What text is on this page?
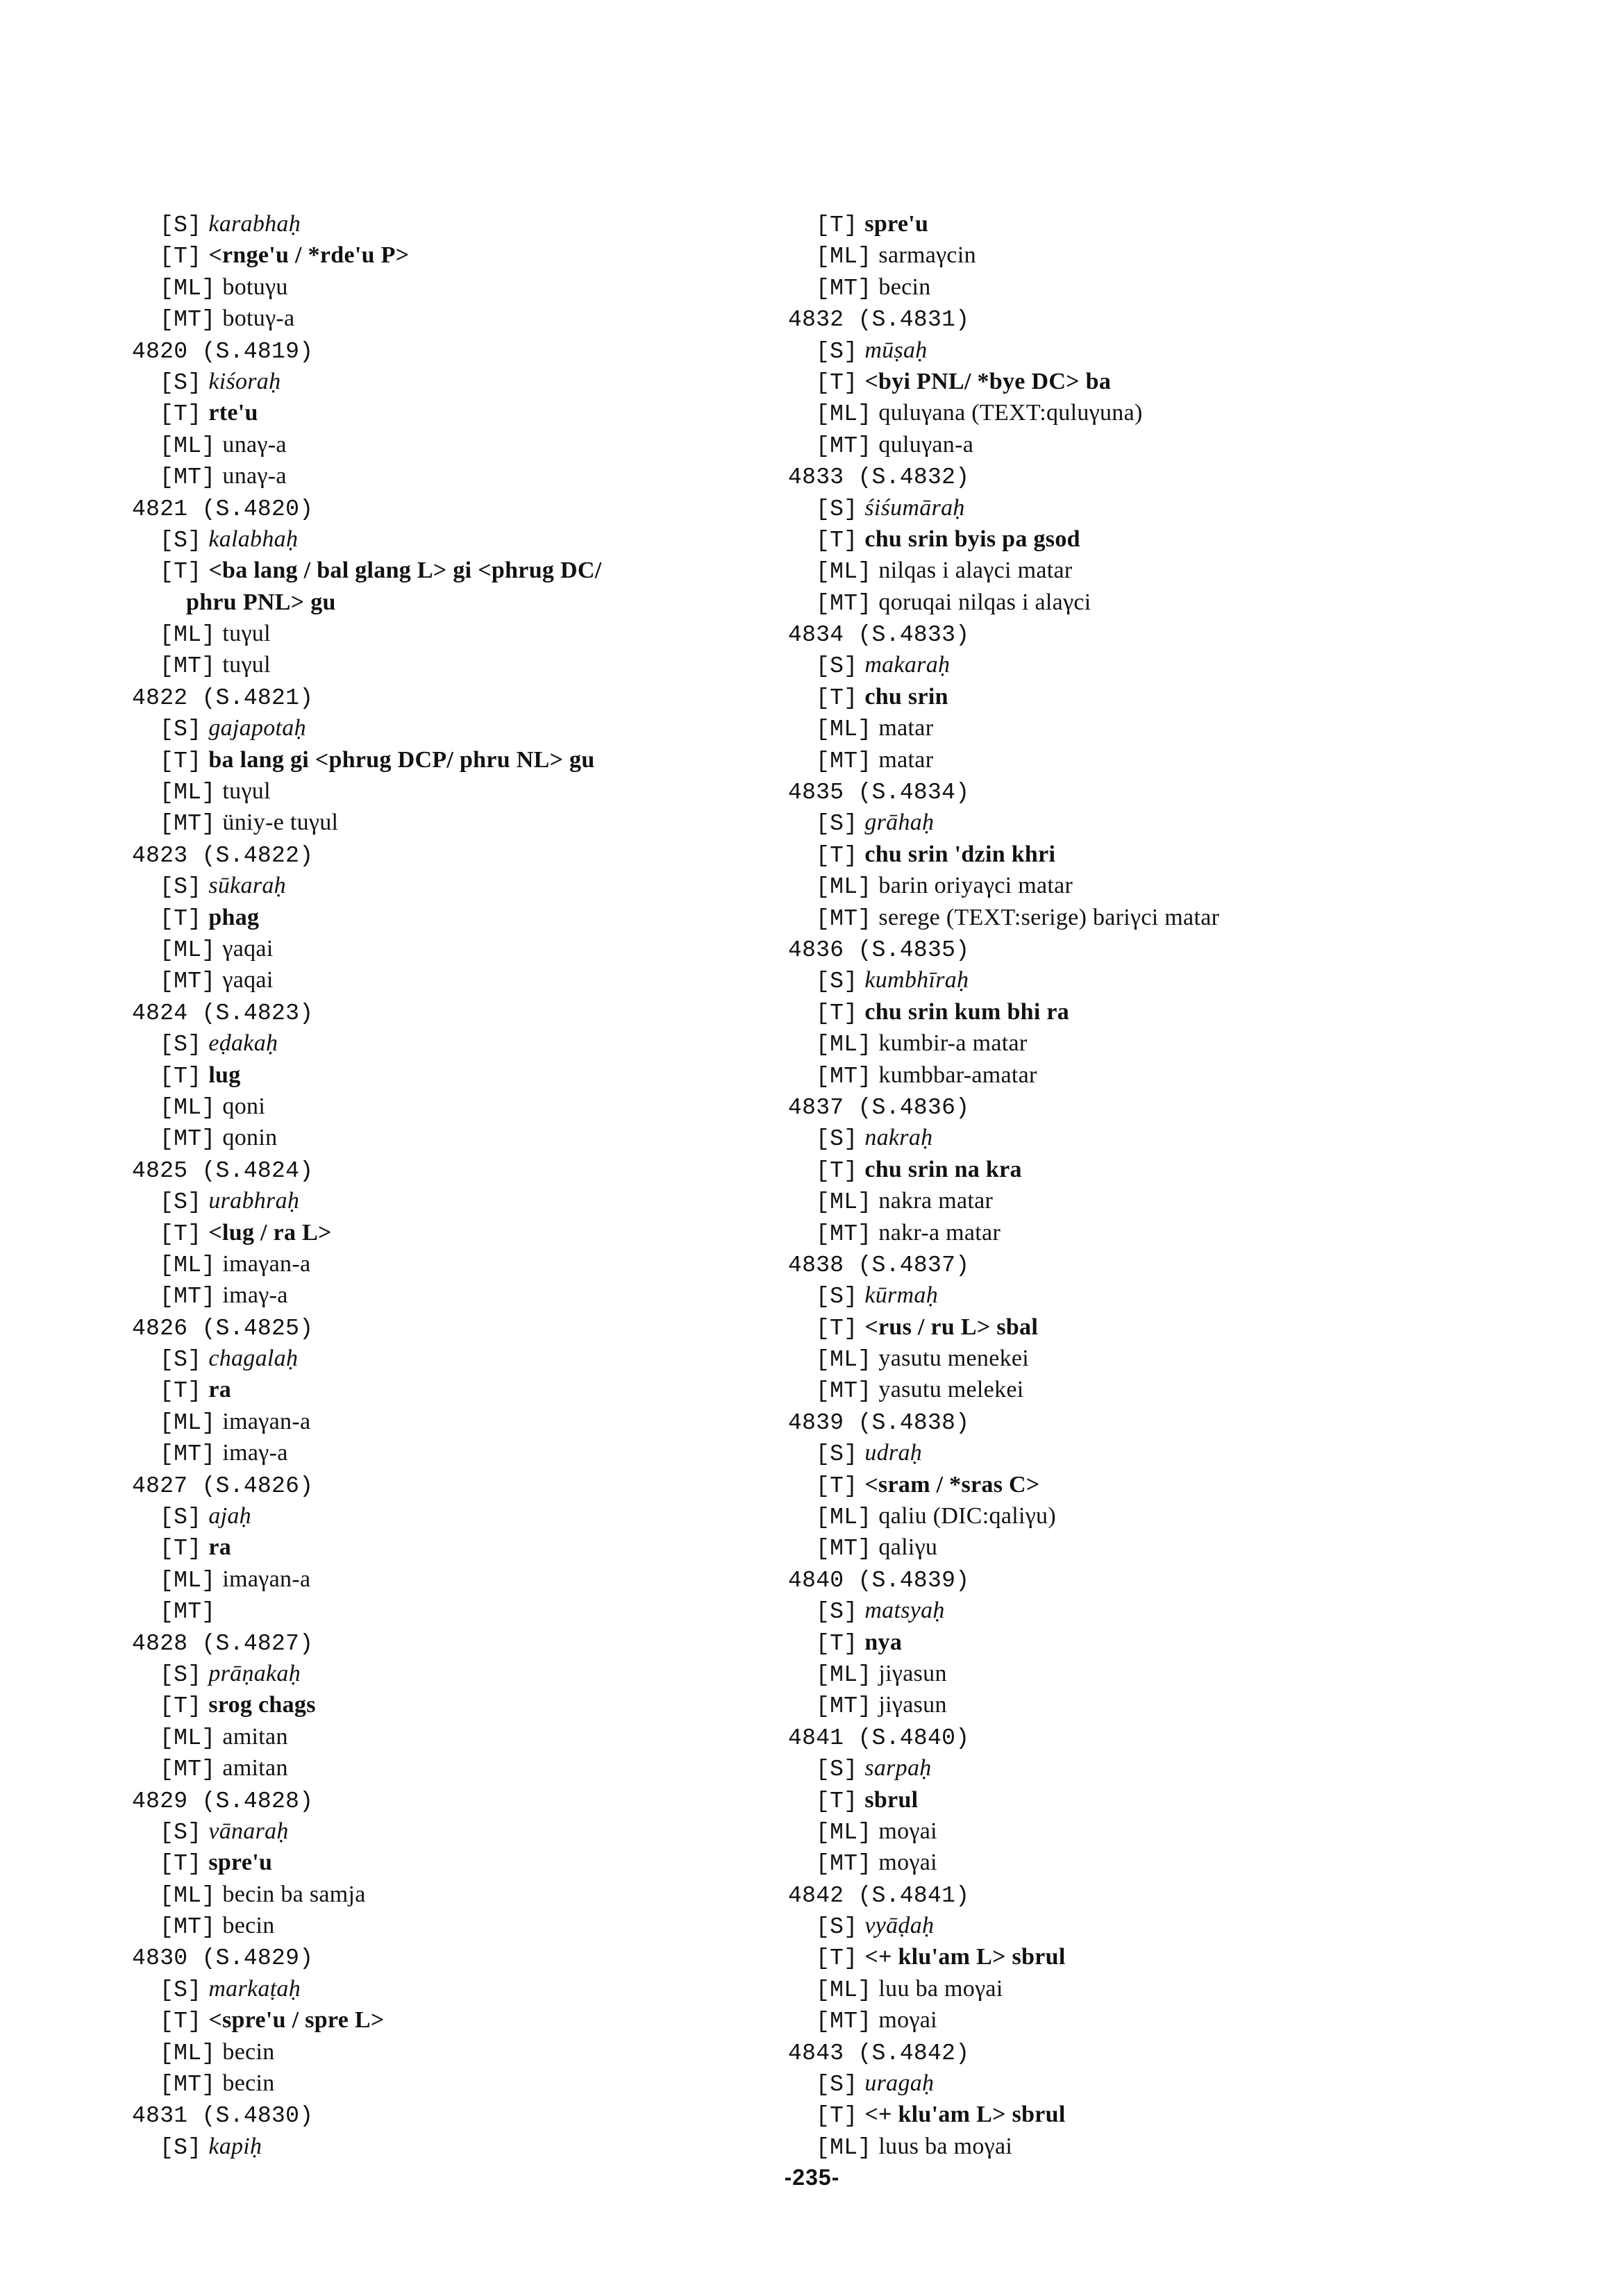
[S] karabhaḥ
[T] <rnge'u / *rde'u P>
[ML] botuγu
[MT] botuγ-a
4820 (S.4819)
[S] kiśoraḥ
[T] rte'u
[ML] unaγ-a
[MT] unaγ-a
4821 (S.4820)
[S] kalabhaḥ
[T] <ba lang / bal glang L> gi <phrug DC/
phru PNL> gu
[ML] tuγul
[MT] tuγul
4822 (S.4821)
[S] gajapotaḥ
[T] ba lang gi <phrug DCP/ phru NL> gu
[ML] tuγul
[MT] üniy-e tuγul
4823 (S.4822)
[S] sūkaraḥ
[T] phag
[ML] γaqai
[MT] γaqai
4824 (S.4823)
[S] eḍakaḥ
[T] lug
[ML] qoni
[MT] qonin
4825 (S.4824)
[S] urabhraḥ
[T] <lug / ra L>
[ML] imaγan-a
[MT] imaγ-a
4826 (S.4825)
[S] chagalaḥ
[T] ra
[ML] imaγan-a
[MT] imaγ-a
4827 (S.4826)
[S] ajaḥ
[T] ra
[ML] imaγan-a
[MT]
4828 (S.4827)
[S] prāṇakaḥ
[T] srog chags
[ML] amitan
[MT] amitan
4829 (S.4828)
[S] vānaraḥ
[T] spre'u
[ML] becin ba samja
[MT] becin
4830 (S.4829)
[S] markaṭaḥ
[T] <spre'u / spre L>
[ML] becin
[MT] becin
4831 (S.4830)
[S] kapiḥ
[T] spre'u
[ML] sarmaγcin
[MT] becin
4832 (S.4831)
[S] mūṣaḥ
[T] <byi PNL/ *bye DC> ba
[ML] quluγana (TEXT:quluγuna)
[MT] quluγan-a
4833 (S.4832)
[S] śiśumāraḥ
[T] chu srin byis pa gsod
[ML] nilqas i alaγci matar
[MT] qoruqai nilqas i alaγci
4834 (S.4833)
[S] makaraḥ
[T] chu srin
[ML] matar
[MT] matar
4835 (S.4834)
[S] grāhaḥ
[T] chu srin 'dzin khri
[ML] barin oriyaγci matar
[MT] serege (TEXT:serige) bariγci matar
4836 (S.4835)
[S] kumbhīraḥ
[T] chu srin kum bhi ra
[ML] kumbir-a matar
[MT] kumbbar-amatar
4837 (S.4836)
[S] nakraḥ
[T] chu srin na kra
[ML] nakra matar
[MT] nakr-a matar
4838 (S.4837)
[S] kūrmaḥ
[T] <rus / ru L> sbal
[ML] yasutu menekei
[MT] yasutu melekei
4839 (S.4838)
[S] udraḥ
[T] <sram / *sras C>
[ML] qaliu (DIC:qaliγu)
[MT] qaliγu
4840 (S.4839)
[S] matsyaḥ
[T] nya
[ML] jiγasun
[MT] jiγasun
4841 (S.4840)
[S] sarpaḥ
[T] sbrul
[ML] moγai
[MT] moγai
4842 (S.4841)
[S] vyāḍaḥ
[T] <+ klu'am L> sbrul
[ML] luu ba moγai
[MT] moγai
4843 (S.4842)
[S] uragaḥ
[T] <+ klu'am L> sbrul
[ML] luus ba moγai
-235-
